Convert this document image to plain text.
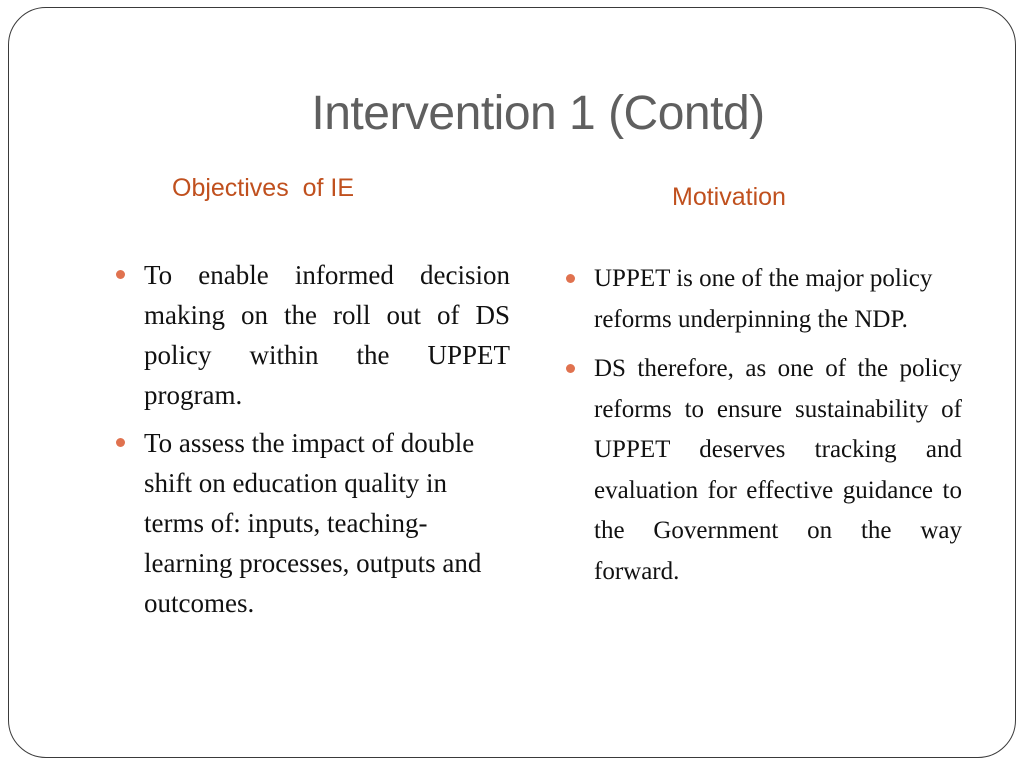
Intervention 1 (Contd)
Objectives  of IE	Motivation
To enable informed decision making on the roll out of DS policy within the UPPET program.
To assess the impact of double shift on education quality in terms of: inputs, teaching-learning processes, outputs and outcomes.
UPPET is one of the major policy reforms underpinning the NDP.
DS therefore, as one of the policy reforms to ensure sustainability of UPPET deserves tracking and evaluation for effective guidance to the Government on the way forward.
